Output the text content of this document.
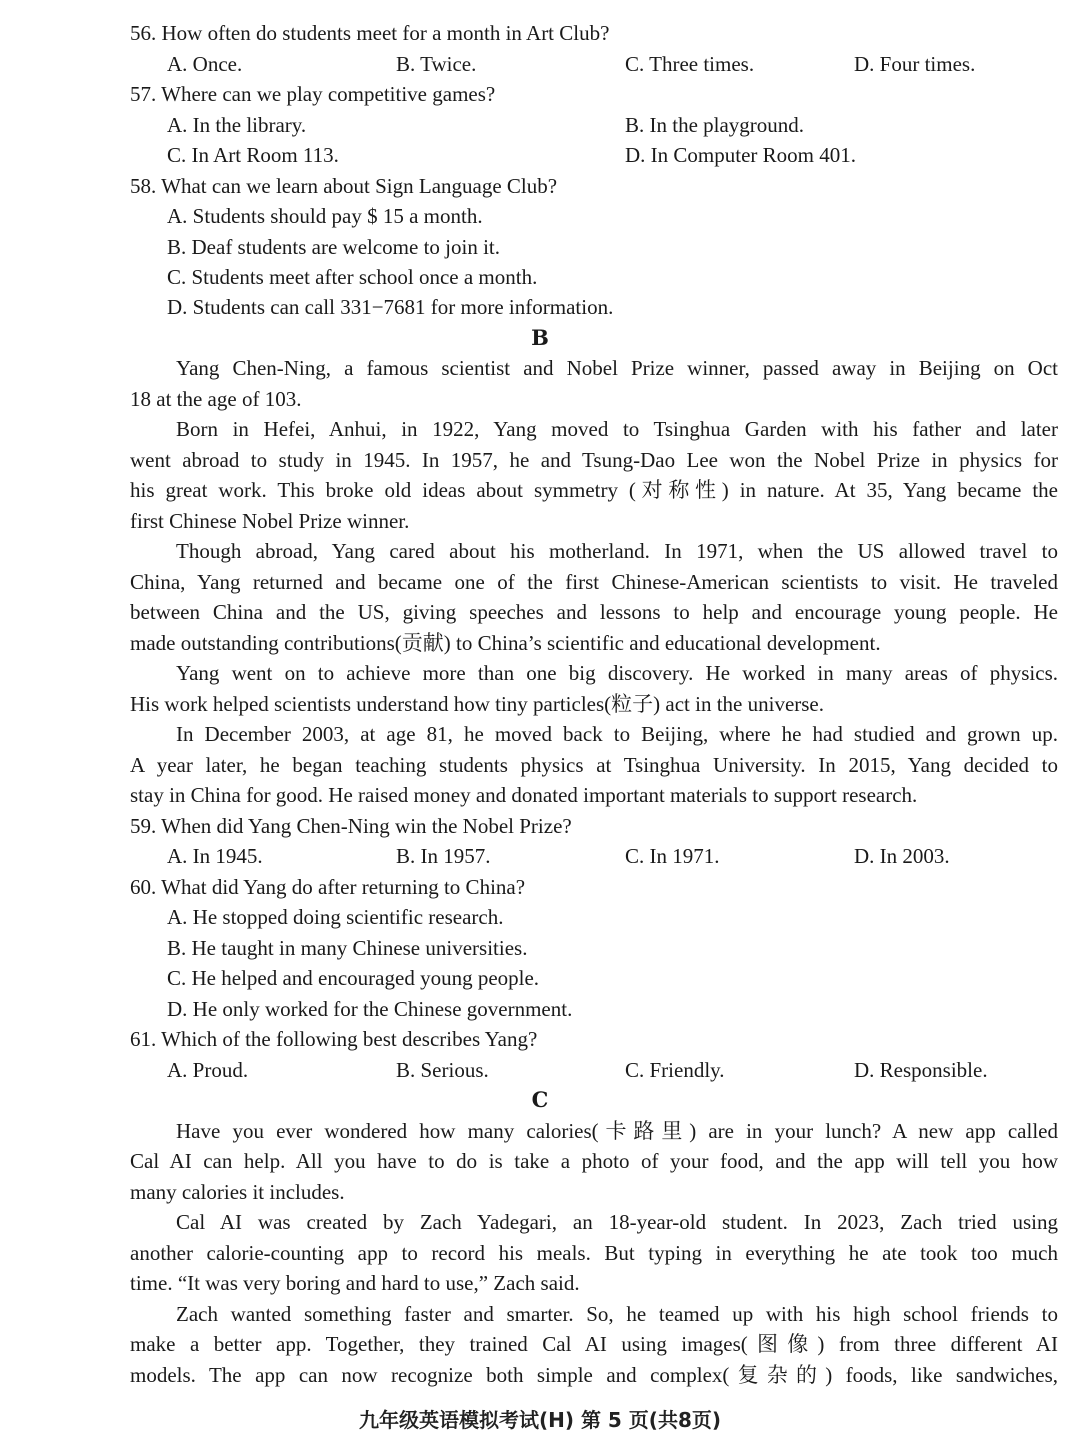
56. How often do students meet for a month in Art Club?
A. Once.	B. Twice.	C. Three times.	D. Four times.
57. Where can we play competitive games?
A. In the library.	B. In the playground.
C. In Art Room 113.	D. In Computer Room 401.
58. What can we learn about Sign Language Club?
A. Students should pay $ 15 a month.
B. Deaf students are welcome to join it.
C. Students meet after school once a month.
D. Students can call 331−7681 for more information.
B
Yang Chen-Ning, a famous scientist and Nobel Prize winner, passed away in Beijing on Oct
18 at the age of 103.
Born in Hefei, Anhui, in 1922, Yang moved to Tsinghua Garden with his father and later
went abroad to study in 1945. In 1957, he and Tsung-Dao Lee won the Nobel Prize in physics for
his great work. This broke old ideas about symmetry (对称性) in nature. At 35, Yang became the
first Chinese Nobel Prize winner.
Though abroad, Yang cared about his motherland. In 1971, when the US allowed travel to
China, Yang returned and became one of the first Chinese-American scientists to visit. He traveled
between China and the US, giving speeches and lessons to help and encourage young people. He
made outstanding contributions(贡献) to China’s scientific and educational development.
Yang went on to achieve more than one big discovery. He worked in many areas of physics.
His work helped scientists understand how tiny particles(粒子) act in the universe.
In December 2003, at age 81, he moved back to Beijing, where he had studied and grown up.
A year later, he began teaching students physics at Tsinghua University. In 2015, Yang decided to
stay in China for good. He raised money and donated important materials to support research.
59. When did Yang Chen-Ning win the Nobel Prize?
A. In 1945.	B. In 1957.	C. In 1971.	D. In 2003.
60. What did Yang do after returning to China?
A. He stopped doing scientific research.
B. He taught in many Chinese universities.
C. He helped and encouraged young people.
D. He only worked for the Chinese government.
61. Which of the following best describes Yang?
A. Proud.	B. Serious.	C. Friendly.	D. Responsible.
C
Have you ever wondered how many calories(卡路里) are in your lunch? A new app called
Cal AI can help. All you have to do is take a photo of your food, and the app will tell you how
many calories it includes.
Cal AI was created by Zach Yadegari, an 18-year-old student. In 2023, Zach tried using
another calorie-counting app to record his meals. But typing in everything he ate took too much
time. “It was very boring and hard to use,” Zach said.
Zach wanted something faster and smarter. So, he teamed up with his high school friends to
make a better app. Together, they trained Cal AI using images(图像) from three different AI
models. The app can now recognize both simple and complex(复杂的) foods, like sandwiches,
九年级英语模拟考试(H) 第 5 页(共8页)
